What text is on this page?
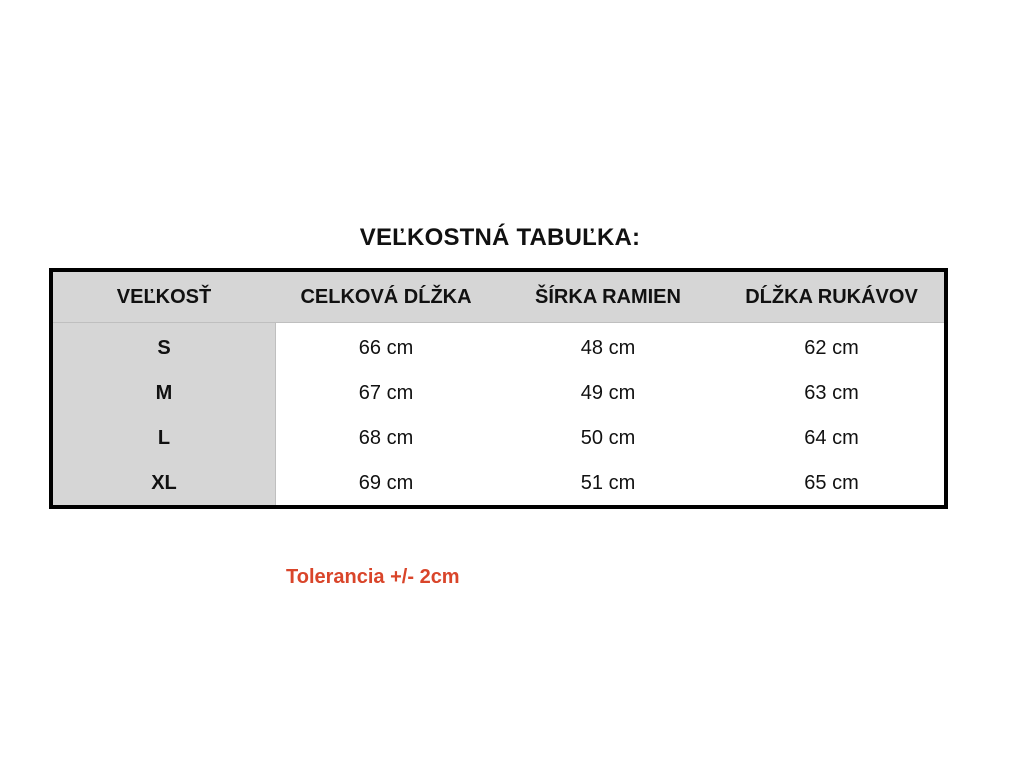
VEĽKOSTNÁ TABUĽKA:
VEĽKOSŤ	CELKOVÁ DĹŽKA	ŠÍRKA RAMIEN	DĹŽKA RUKÁVOV
S	66 cm	48 cm	62 cm
M	67 cm	49 cm	63 cm
L	68 cm	50 cm	64 cm
XL	69 cm	51 cm	65 cm
Tolerancia +/- 2cm
